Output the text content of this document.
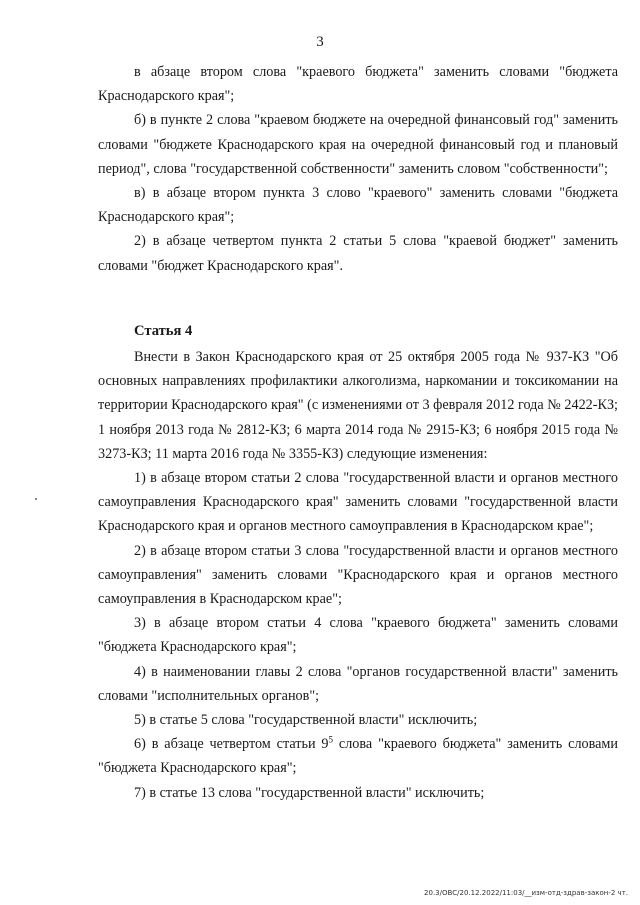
3

в абзаце втором слова "краевого бюджета" заменить словами "бюджета Краснодарского края";

б) в пункте 2 слова "краевом бюджете на очередной финансовый год" заменить словами "бюджете Краснодарского края на очередной финансовый год и плановый период", слова "государственной собственности" заменить словом "собственности";

в) в абзаце втором пункта 3 слово "краевого" заменить словами "бюджета Краснодарского края";

2) в абзаце четвертом пункта 2 статьи 5 слова "краевой бюджет" заменить словами "бюджет Краснодарского края".

Статья 4

Внести в Закон Краснодарского края от 25 октября 2005 года № 937-КЗ "Об основных направлениях профилактики алкоголизма, наркомании и токсикомании на территории Краснодарского края" (с изменениями от 3 февраля 2012 года № 2422-КЗ; 1 ноября 2013 года № 2812-КЗ; 6 марта 2014 года № 2915-КЗ; 6 ноября 2015 года № 3273-КЗ; 11 марта 2016 года № 3355-КЗ) следующие изменения:

1) в абзаце втором статьи 2 слова "государственной власти и органов местного самоуправления Краснодарского края" заменить словами "государственной власти Краснодарского края и органов местного самоуправления в Краснодарском крае";

2) в абзаце втором статьи 3 слова "государственной власти и органов местного самоуправления" заменить словами "Краснодарского края и органов местного самоуправления в Краснодарском крае";

3) в абзаце втором статьи 4 слова "краевого бюджета" заменить словами "бюджета Краснодарского края";

4) в наименовании главы 2 слова "органов государственной власти" заменить словами "исполнительных органов";

5) в статье 5 слова "государственной власти" исключить;

6) в абзаце четвертом статьи $9^5$ слова "краевого бюджета" заменить словами "бюджета Краснодарского края";

7) в статье 13 слова "государственной власти" исключить;

20.3/ОВС/20.12.2022/11:03/__изм-отд-здрав-закон-2 чт.
